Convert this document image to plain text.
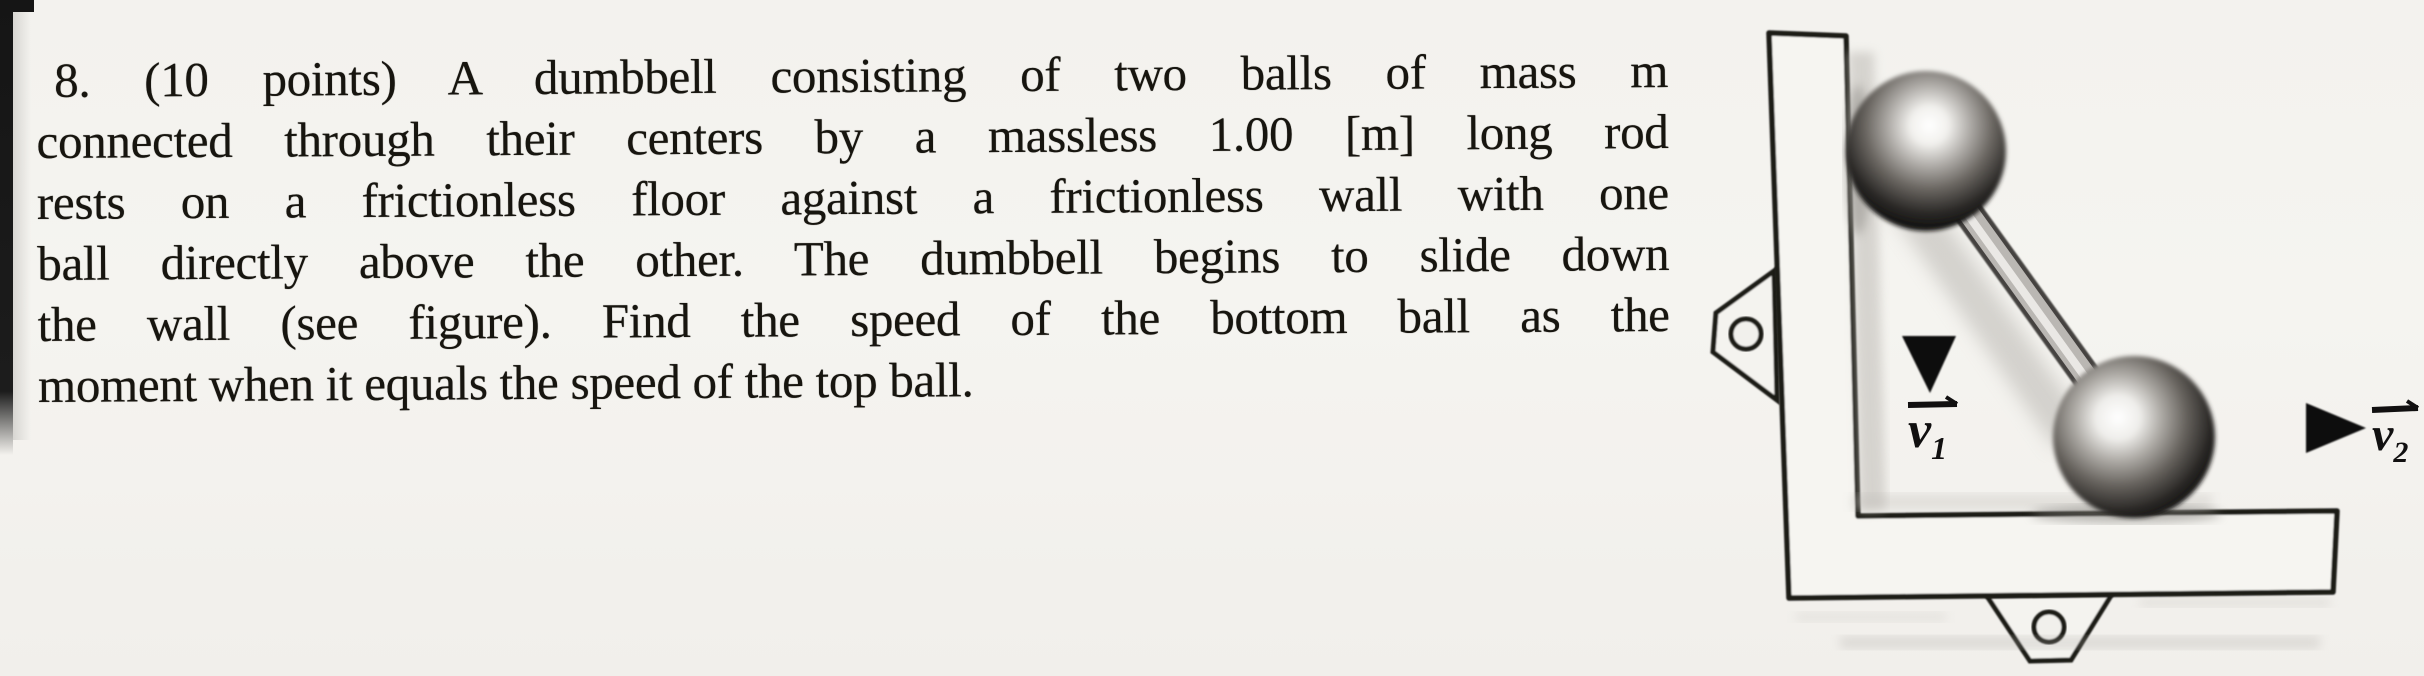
8. (10 points) A dumbbell consisting of two balls of mass m
connected through their centers by a massless 1.00 [m] long rod
rests on a frictionless floor against a frictionless wall with one
ball directly above the other. The dumbbell begins to slide down
the wall (see figure). Find the speed of the bottom ball as the
moment when it equals the speed of the top ball.
$v_1$	$v_2$
